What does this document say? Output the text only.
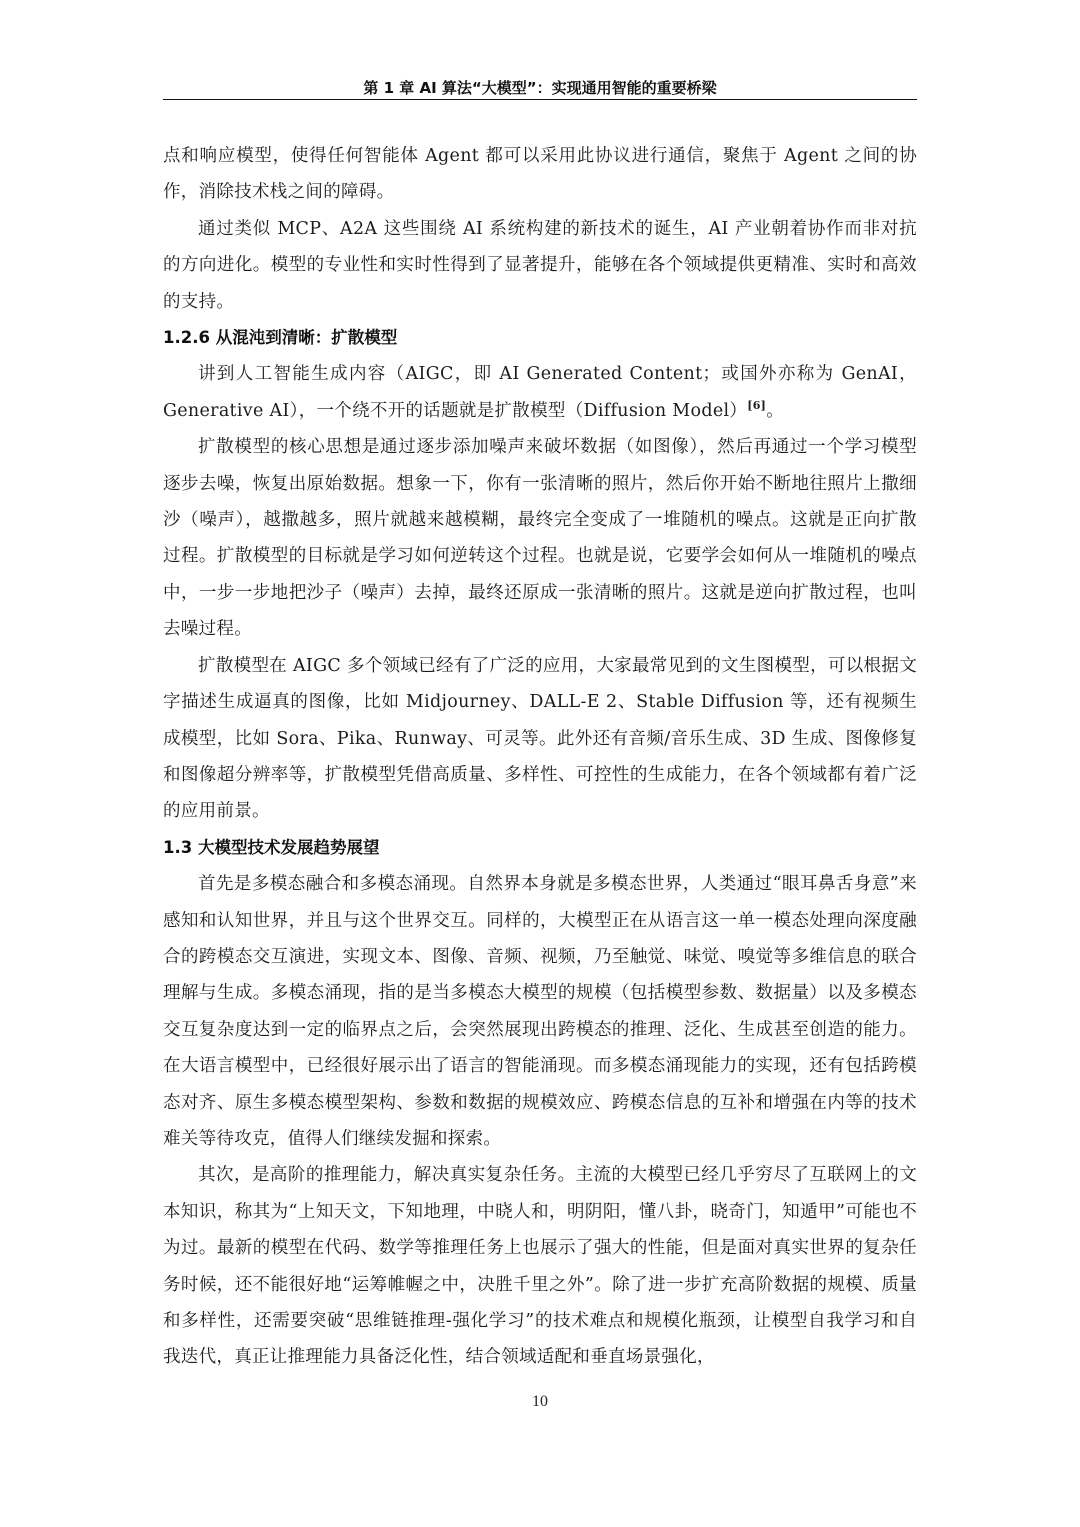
第 1 章 AI 算法“大模型”：实现通用智能的重要桥梁

点和响应模型，使得任何智能体 Agent 都可以采用此协议进行通信，聚焦于 Agent 之间的协作，消除技术栈之间的障碍。

通过类似 MCP、A2A 这些围绕 AI 系统构建的新技术的诞生，AI 产业朝着协作而非对抗的方向进化。模型的专业性和实时性得到了显著提升，能够在各个领域提供更精准、实时和高效的支持。

1.2.6 从混沌到清晰：扩散模型

讲到人工智能生成内容（AIGC，即 AI Generated Content；或国外亦称为 GenAI，Generative AI），一个绕不开的话题就是扩散模型（Diffusion Model）[6]。

扩散模型的核心思想是通过逐步添加噪声来破坏数据（如图像），然后再通过一个学习模型逐步去噪，恢复出原始数据。想象一下，你有一张清晰的照片，然后你开始不断地往照片上撒细沙（噪声），越撒越多，照片就越来越模糊，最终完全变成了一堆随机的噪点。这就是正向扩散过程。扩散模型的目标就是学习如何逆转这个过程。也就是说，它要学会如何从一堆随机的噪点中，一步一步地把沙子（噪声）去掉，最终还原成一张清晰的照片。这就是逆向扩散过程，也叫去噪过程。

扩散模型在 AIGC 多个领域已经有了广泛的应用，大家最常见到的文生图模型，可以根据文字描述生成逼真的图像，比如 Midjourney、DALL-E 2、Stable Diffusion 等，还有视频生成模型，比如 Sora、Pika、Runway、可灵等。此外还有音频/音乐生成、3D 生成、图像修复和图像超分辨率等，扩散模型凭借高质量、多样性、可控性的生成能力，在各个领域都有着广泛的应用前景。

1.3 大模型技术发展趋势展望

首先是多模态融合和多模态涌现。自然界本身就是多模态世界，人类通过“眼耳鼻舌身意”来感知和认知世界，并且与这个世界交互。同样的，大模型正在从语言这一单一模态处理向深度融合的跨模态交互演进，实现文本、图像、音频、视频，乃至触觉、味觉、嗅觉等多维信息的联合理解与生成。多模态涌现，指的是当多模态大模型的规模（包括模型参数、数据量）以及多模态交互复杂度达到一定的临界点之后，会突然展现出跨模态的推理、泛化、生成甚至创造的能力。在大语言模型中，已经很好展示出了语言的智能涌现。而多模态涌现能力的实现，还有包括跨模态对齐、原生多模态模型架构、参数和数据的规模效应、跨模态信息的互补和增强在内等的技术难关等待攻克，值得人们继续发掘和探索。

其次，是高阶的推理能力，解决真实复杂任务。主流的大模型已经几乎穷尽了互联网上的文本知识，称其为“上知天文，下知地理，中晓人和，明阴阳，懂八卦，晓奇门，知遁甲”可能也不为过。最新的模型在代码、数学等推理任务上也展示了强大的性能，但是面对真实世界的复杂任务时候，还不能很好地“运筹帷幄之中，决胜千里之外”。除了进一步扩充高阶数据的规模、质量和多样性，还需要突破“思维链推理-强化学习”的技术难点和规模化瓶颈，让模型自我学习和自我迭代，真正让推理能力具备泛化性，结合领域适配和垂直场景强化，

10
